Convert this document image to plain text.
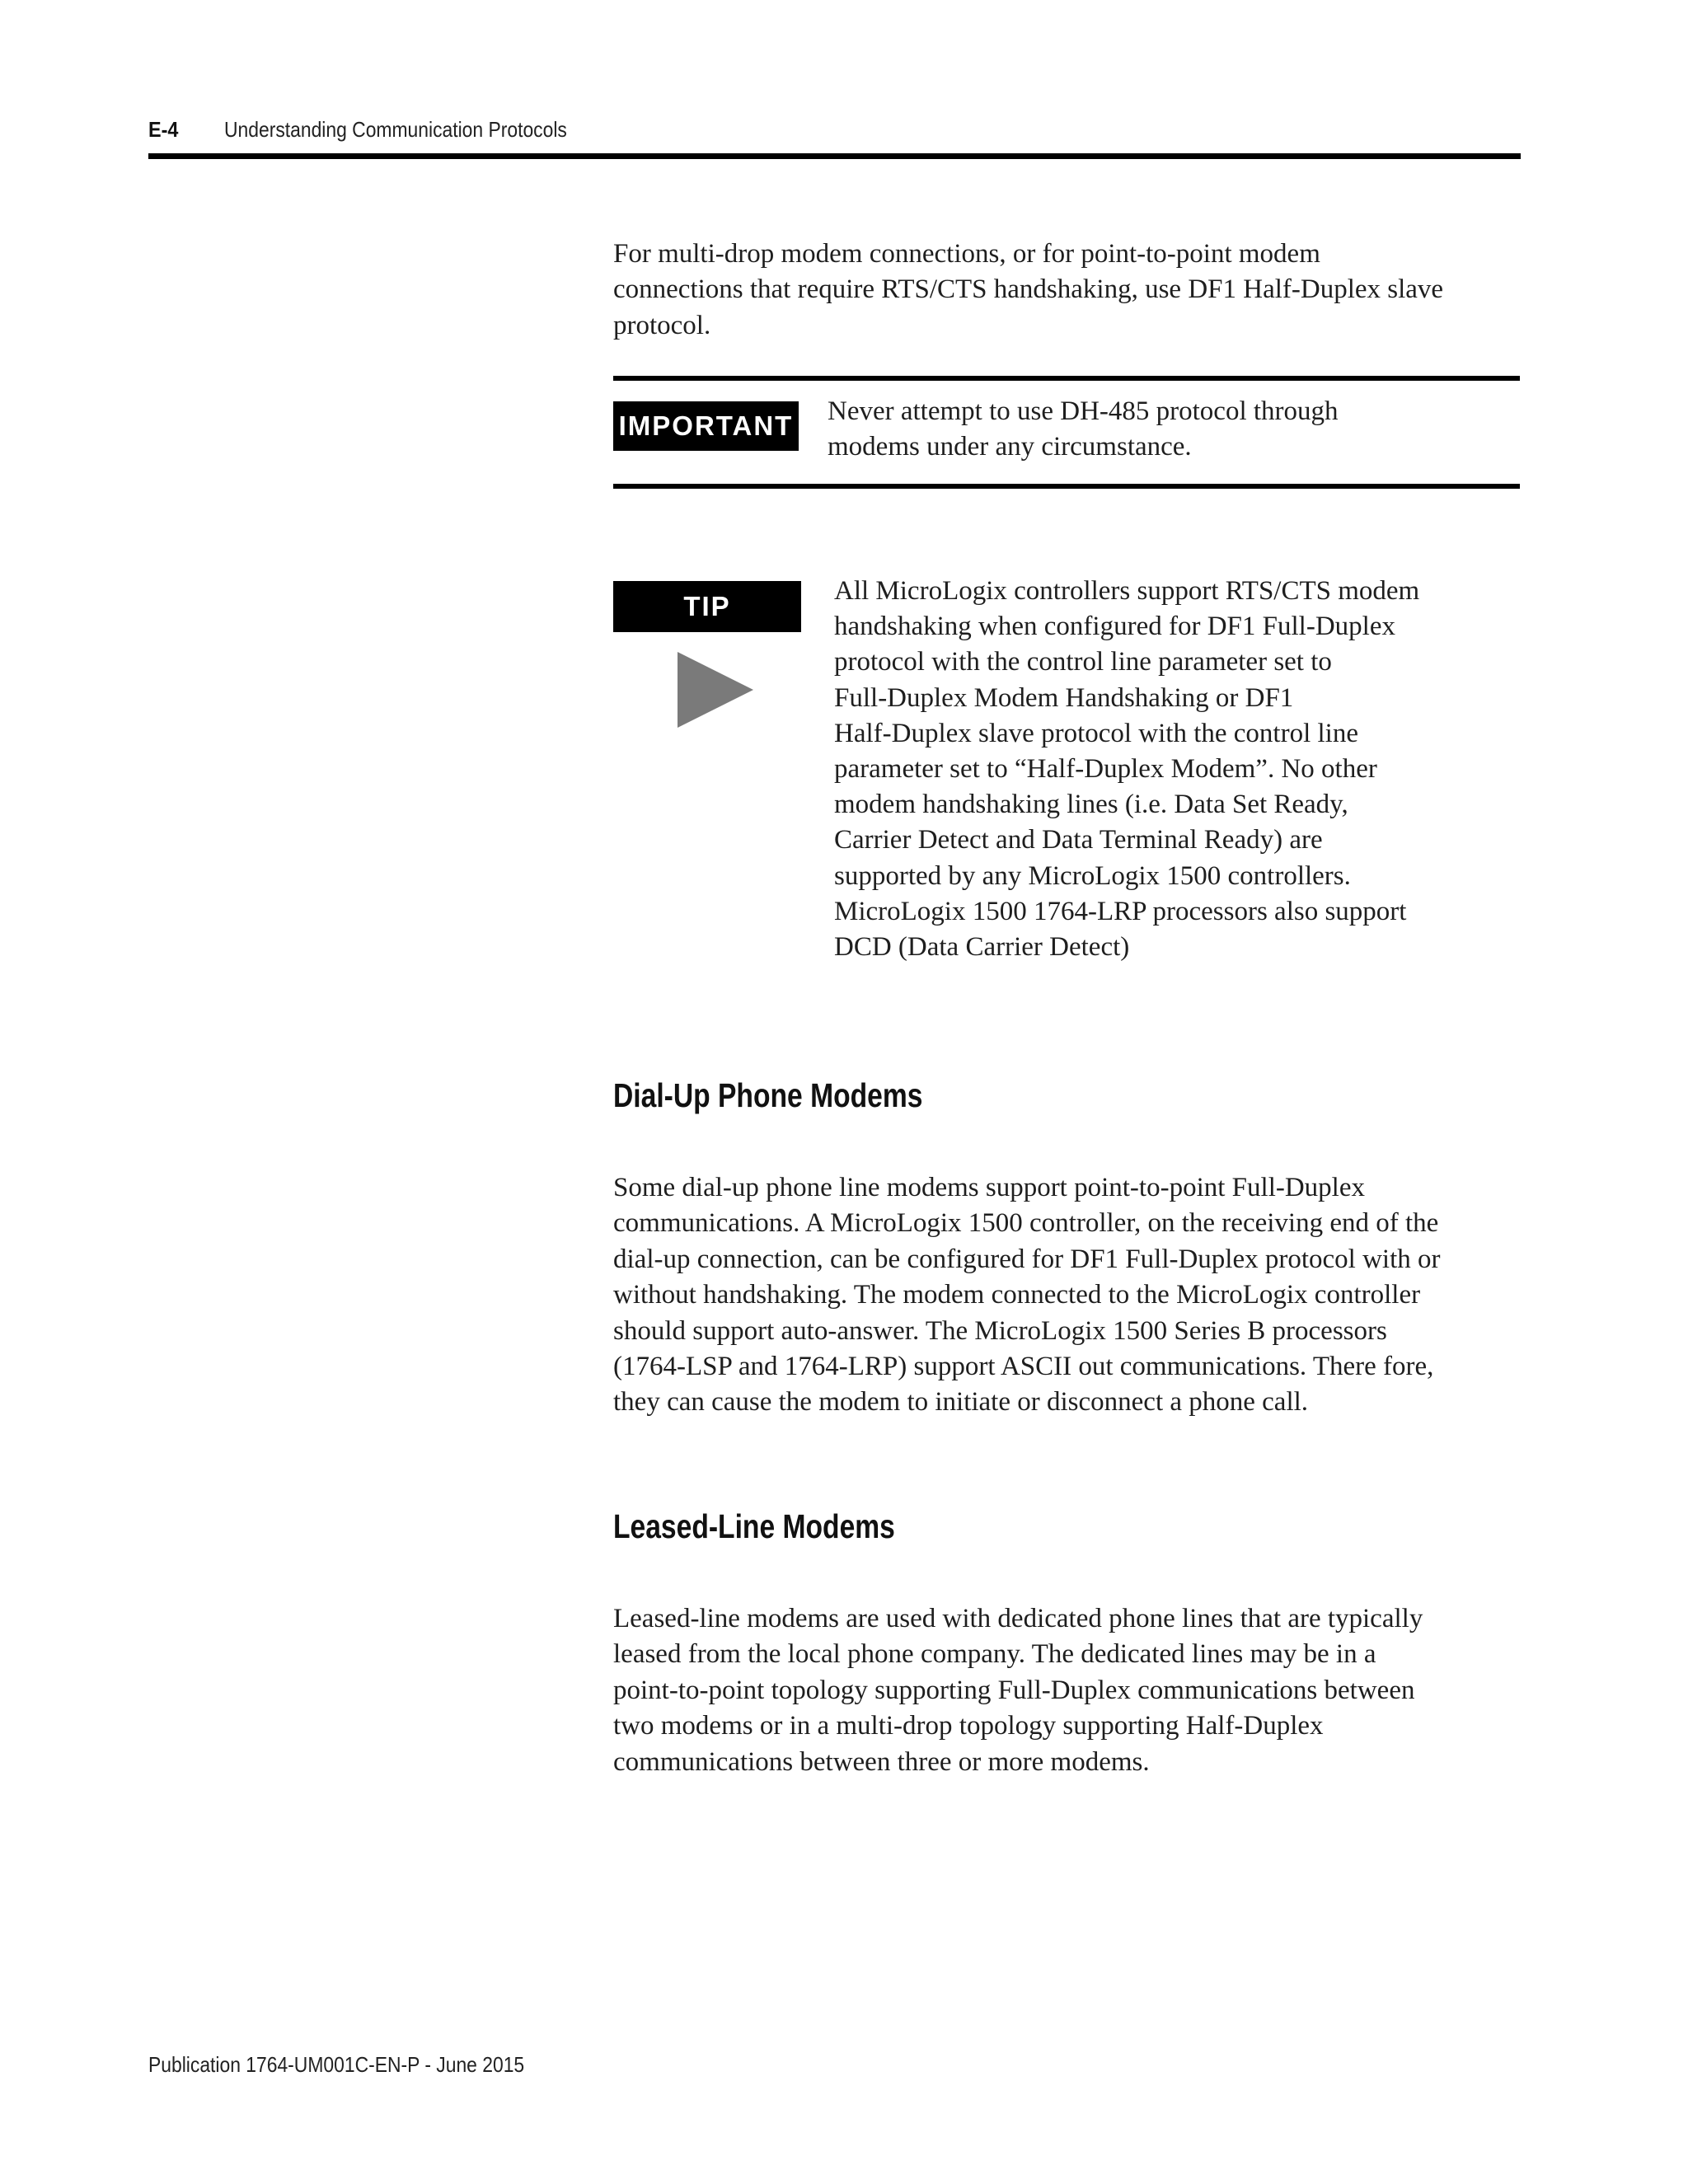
E-4 Understanding Communication Protocols

For multi-drop modem connections, or for point-to-point modem
connections that require RTS/CTS handshaking, use DF1 Half-Duplex slave
protocol.

IMPORTANT Never attempt to use DH-485 protocol through
modems under any circumstance.
TIP	All MicroLogix controllers support RTS/CTS modem
handshaking when configured for DF1 Full-Duplex
protocol with the control line parameter set to
Full-Duplex Modem Handshaking or DF1
Half-Duplex slave protocol with the control line
parameter set to “Half-Duplex Modem”. No other
modem handshaking lines (i.e. Data Set Ready,
Carrier Detect and Data Terminal Ready) are
supported by any MicroLogix 1500 controllers.
MicroLogix 1500 1764-LRP processors also support
DCD (Data Carrier Detect)
Dial-Up Phone Modems

Some dial-up phone line modems support point-to-point Full-Duplex
communications. A MicroLogix 1500 controller, on the receiving end of the
dial-up connection, can be configured for DF1 Full-Duplex protocol with or
without handshaking. The modem connected to the MicroLogix controller
should support auto-answer. The MicroLogix 1500 Series B processors
(1764-LSP and 1764-LRP) support ASCII out communications. There fore,
they can cause the modem to initiate or disconnect a phone call.

Leased-Line Modems

Leased-line modems are used with dedicated phone lines that are typically
leased from the local phone company. The dedicated lines may be in a
point-to-point topology supporting Full-Duplex communications between
two modems or in a multi-drop topology supporting Half-Duplex
communications between three or more modems.

Publication 1764-UM001C-EN-P - June 2015
